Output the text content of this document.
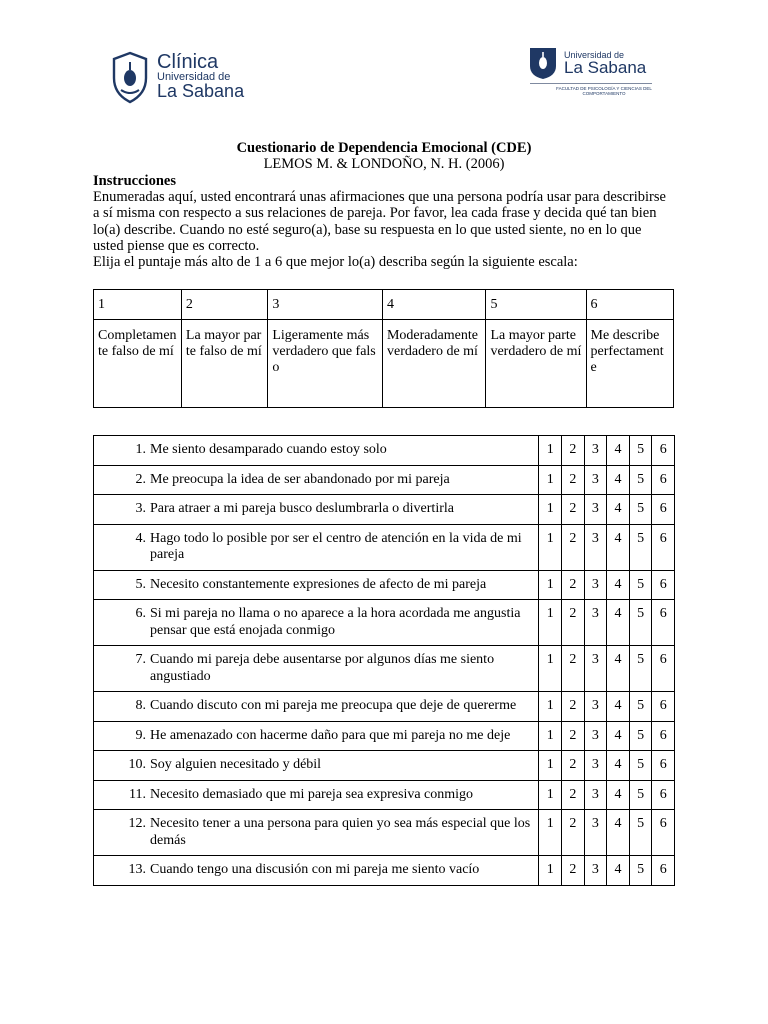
Clínica
Universidad de
La Sabana
Universidad de
La Sabana
FACULTAD DE PSICOLOGÍA Y CIENCIAS DEL COMPORTAMIENTO
Cuestionario de Dependencia Emocional (CDE)
LEMOS M. & LONDOÑO, N. H. (2006)
Instrucciones
Enumeradas aquí, usted encontrará unas afirmaciones que una persona podría usar para describirse a sí misma con respecto a sus relaciones de pareja. Por favor, lea cada frase y decida qué tan bien lo(a) describe. Cuando no esté seguro(a), base su respuesta en lo que usted siente, no en lo que usted piense que es correcto.
Elija el puntaje más alto de 1 a 6 que mejor lo(a) describa según la siguiente escala:
1	2	3	4	5	6
Completamente falso de mí	La mayor parte falso de mí	Ligeramente más verdadero que falso	Moderadamente verdadero de mí	La mayor parte verdadero de mí	Me describe perfectamente
1. Me siento desamparado cuando estoy solo	1	2	3	4	5	6

2. Me preocupa la idea de ser abandonado por mi pareja	1	2	3	4	5	6

3. Para atraer a mi pareja busco deslumbrarla o divertirla	1	2	3	4	5	6

4. Hago todo lo posible por ser el centro de atención en la vida de mi pareja	1	2	3	4	5	6

5. Necesito constantemente expresiones de afecto de mi pareja	1	2	3	4	5	6

6. Si mi pareja no llama o no aparece a la hora acordada me angustia pensar que está enojada conmigo	1	2	3	4	5	6

7. Cuando mi pareja debe ausentarse por algunos días me siento angustiado	1	2	3	4	5	6

8. Cuando discuto con mi pareja me preocupa que deje de quererme	1	2	3	4	5	6

9. He amenazado con hacerme daño para que mi pareja no me deje	1	2	3	4	5	6

10. Soy alguien necesitado y débil	1	2	3	4	5	6

11. Necesito demasiado que mi pareja sea expresiva conmigo	1	2	3	4	5	6

12. Necesito tener a una persona para quien yo sea más especial que los demás	1	2	3	4	5	6

13. Cuando tengo una discusión con mi pareja me siento vacío	1	2	3	4	5	6
